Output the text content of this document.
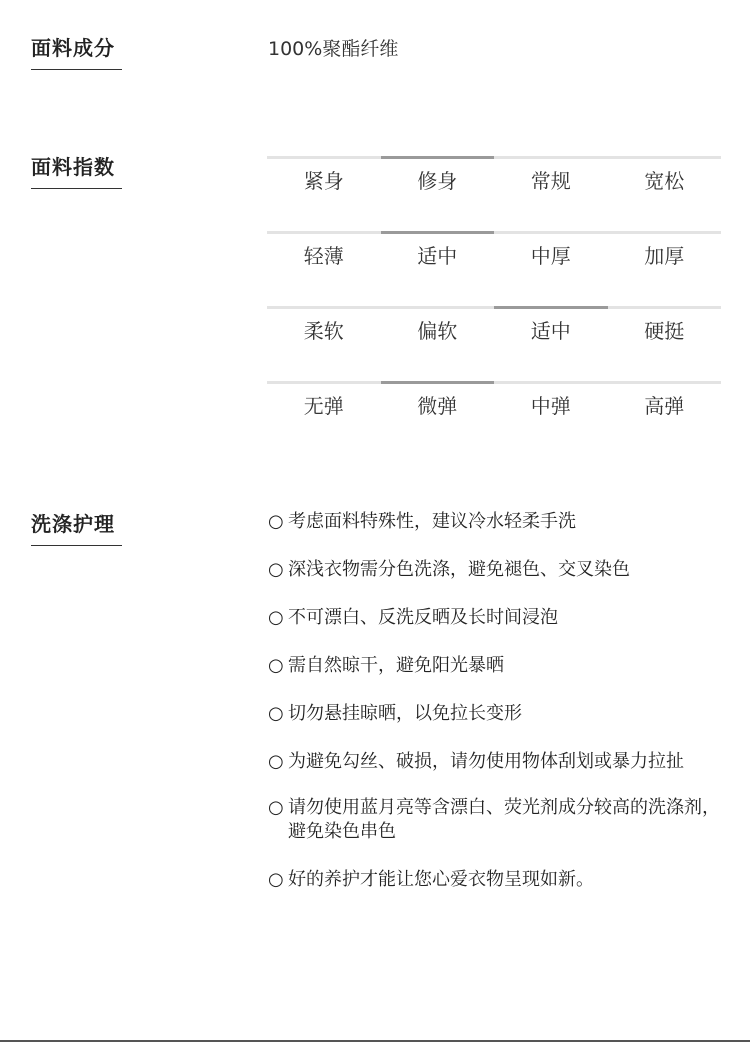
面料成分	100%聚酯纤维
面料指数
紧身	修身	常规	宽松
轻薄	适中	中厚	加厚
柔软	偏软	适中	硬挺
无弹	微弹	中弹	高弹
洗涤护理	○ 考虑面料特殊性，建议冷水轻柔手洗
○ 深浅衣物需分色洗涤，避免褪色、交叉染色
○ 不可漂白、反洗反晒及长时间浸泡
○ 需自然晾干，避免阳光暴晒
○ 切勿悬挂晾晒，以免拉长变形
○ 为避免勾丝、破损，请勿使用物体刮划或暴力拉扯
○ 请勿使用蓝月亮等含漂白、荧光剂成分较高的洗涤剂，避免染色串色
○ 好的养护才能让您心爱衣物呈现如新。
